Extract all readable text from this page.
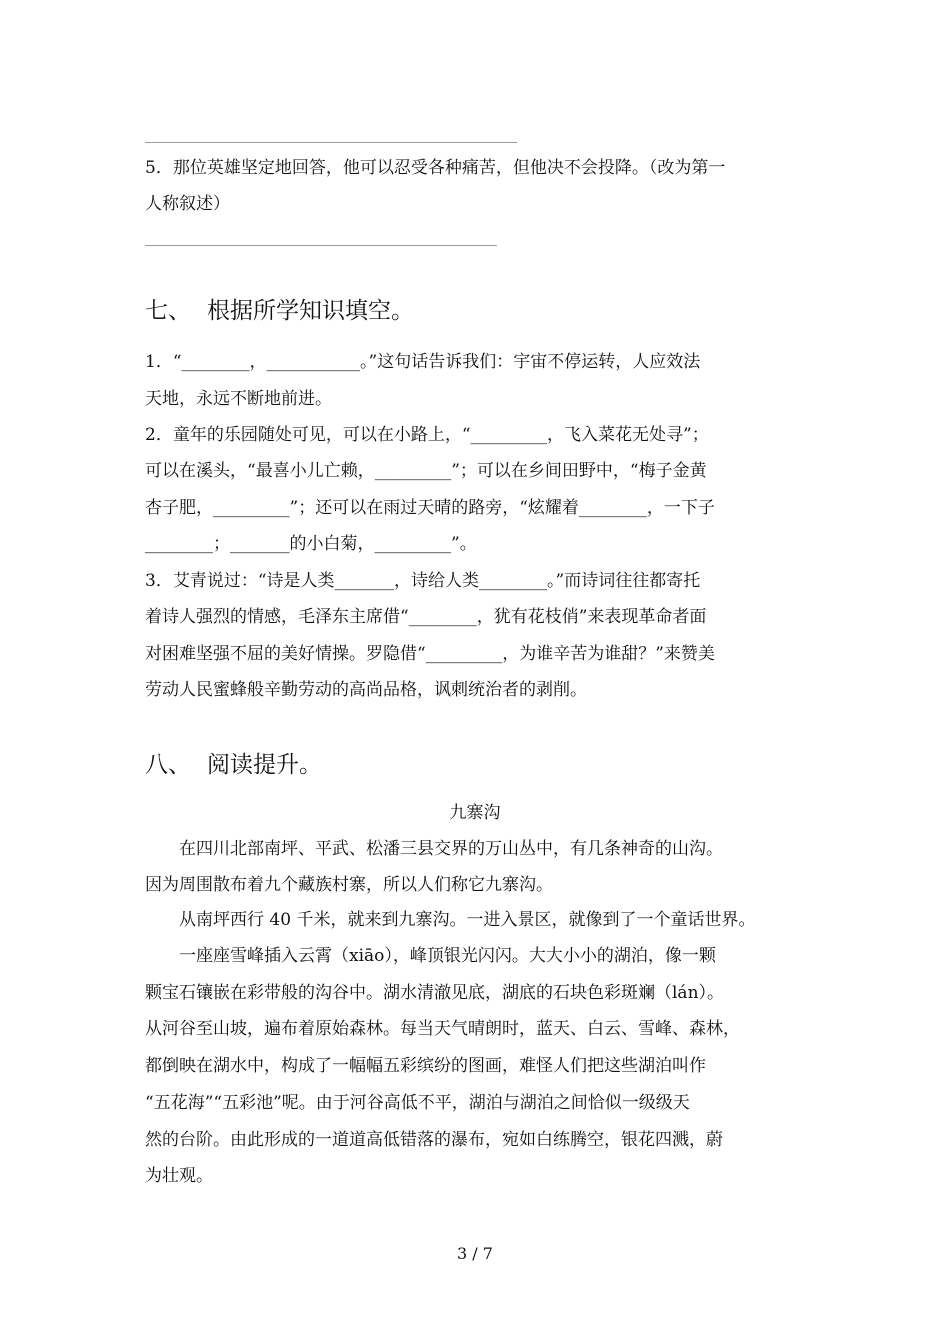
5．那位英雄坚定地回答，他可以忍受各种痛苦，但他决不会投降。（改为第一
人称叙述）
七、 根据所学知识填空。
1．“________，___________。”这句话告诉我们：宇宙不停运转，人应效法
天地，永远不断地前进。
2．童年的乐园随处可见，可以在小路上，“_________，飞入菜花无处寻”；
可以在溪头，“最喜小儿亡赖，_________”；可以在乡间田野中，“梅子金黄
杏子肥，_________”；还可以在雨过天晴的路旁，“炫耀着________，一下子
________；_______的小白菊，_________”。
3．艾青说过：“诗是人类_______，诗给人类________。”而诗词往往都寄托
着诗人强烈的情感，毛泽东主席借“________，犹有花枝俏”来表现革命者面
对困难坚强不屈的美好情操。罗隐借“_________，为谁辛苦为谁甜？”来赞美
劳动人民蜜蜂般辛勤劳动的高尚品格，讽刺统治者的剥削。
八、 阅读提升。
九寨沟
　　在四川北部南坪、平武、松潘三县交界的万山丛中，有几条神奇的山沟。
因为周围散布着九个藏族村寨，所以人们称它九寨沟。
　　从南坪西行 40 千米，就来到九寨沟。一进入景区，就像到了一个童话世界。
　　一座座雪峰插入云霄（xiāo），峰顶银光闪闪。大大小小的湖泊，像一颗
颗宝石镶嵌在彩带般的沟谷中。湖水清澈见底，湖底的石块色彩斑斓（lán）。
从河谷至山坡，遍布着原始森林。每当天气晴朗时，蓝天、白云、雪峰、森林，
都倒映在湖水中，构成了一幅幅五彩缤纷的图画，难怪人们把这些湖泊叫作
“五花海”“五彩池”呢。由于河谷高低不平，湖泊与湖泊之间恰似一级级天
然的台阶。由此形成的一道道高低错落的瀑布，宛如白练腾空，银花四溅，蔚
为壮观。
3 / 7
